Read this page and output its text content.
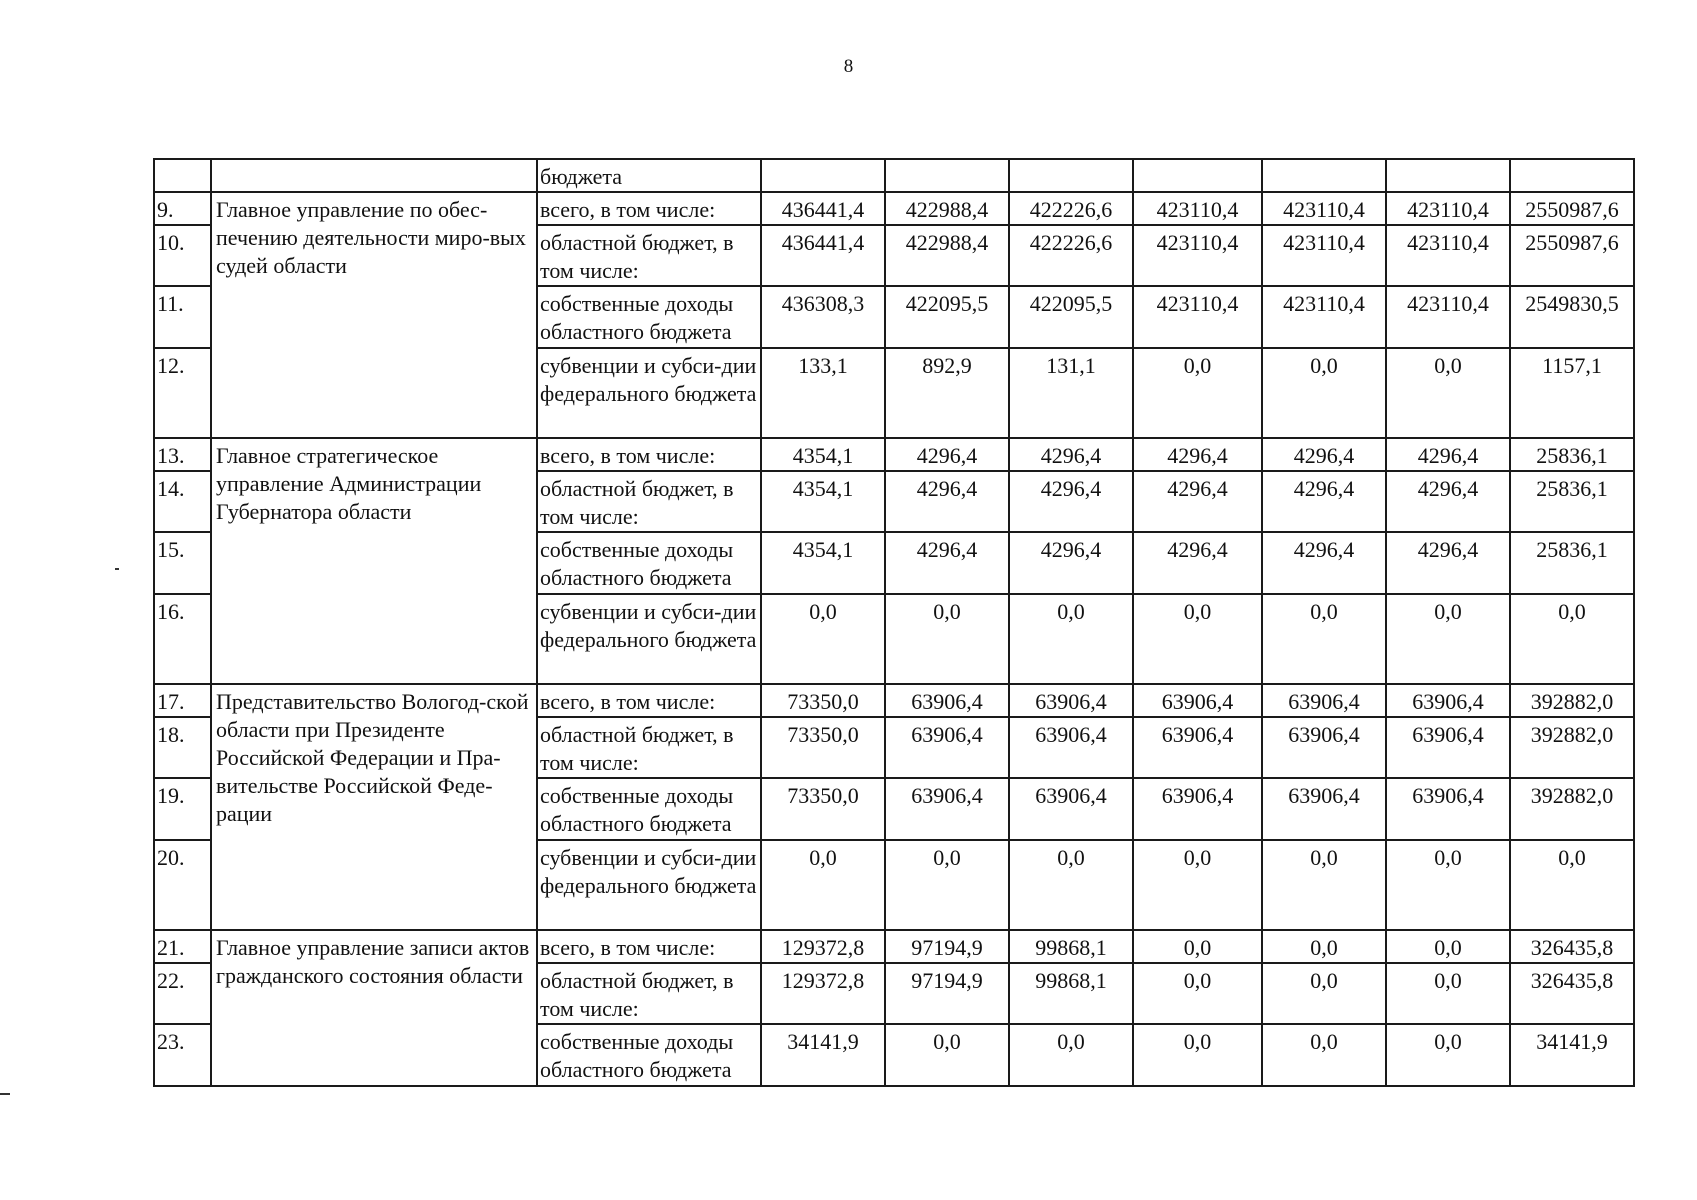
8
		бюджета							
9.	Главное управление по обес-печению деятельности миро-вых судей области	всего, в том числе:	436441,4	422988,4	422226,6	423110,4	423110,4	423110,4	2550987,6
10.		областной бюджет, в том числе:	436441,4	422988,4	422226,6	423110,4	423110,4	423110,4	2550987,6
11.		собственные доходы областного бюджета	436308,3	422095,5	422095,5	423110,4	423110,4	423110,4	2549830,5
12.		субвенции и субси-дии федерального бюджета	133,1	892,9	131,1	0,0	0,0	0,0	1157,1
13.	Главное стратегическое управление Администрации Губернатора области	всего, в том числе:	4354,1	4296,4	4296,4	4296,4	4296,4	4296,4	25836,1
14.		областной бюджет, в том числе:	4354,1	4296,4	4296,4	4296,4	4296,4	4296,4	25836,1
15.		собственные доходы областного бюджета	4354,1	4296,4	4296,4	4296,4	4296,4	4296,4	25836,1
16.		субвенции и субси-дии федерального бюджета	0,0	0,0	0,0	0,0	0,0	0,0	0,0
17.	Представительство Вологод-ской области при Президенте Российской Федерации и Пра-вительстве Российской Феде-рации	всего, в том числе:	73350,0	63906,4	63906,4	63906,4	63906,4	63906,4	392882,0
18.		областной бюджет, в том числе:	73350,0	63906,4	63906,4	63906,4	63906,4	63906,4	392882,0
19.		собственные доходы областного бюджета	73350,0	63906,4	63906,4	63906,4	63906,4	63906,4	392882,0
20.		субвенции и субси-дии федерального бюджета	0,0	0,0	0,0	0,0	0,0	0,0	0,0
21.	Главное управление записи актов гражданского состояния области	всего, в том числе:	129372,8	97194,9	99868,1	0,0	0,0	0,0	326435,8
22.		областной бюджет, в том числе:	129372,8	97194,9	99868,1	0,0	0,0	0,0	326435,8
23.		собственные доходы областного бюджета	34141,9	0,0	0,0	0,0	0,0	0,0	34141,9
